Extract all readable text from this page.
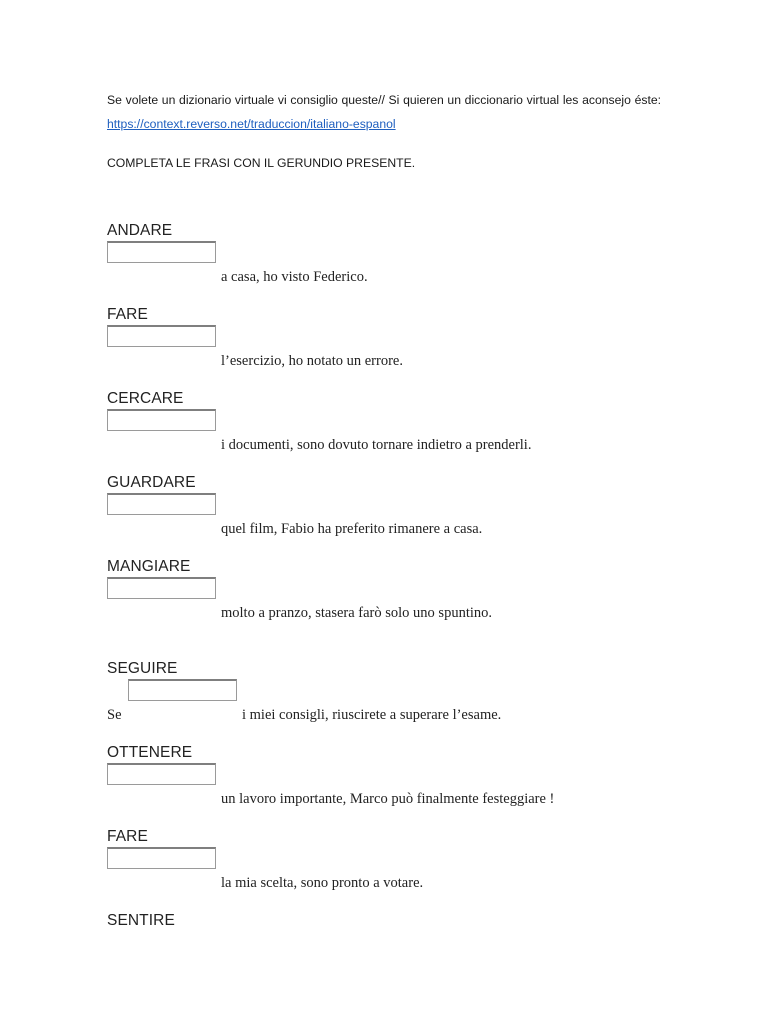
Se volete un dizionario virtuale vi consiglio queste// Si quieren un diccionario virtual les aconsejo éste: https://context.reverso.net/traduccion/italiano-espanol
COMPLETA LE FRASI CON IL GERUNDIO PRESENTE.
ANDARE
a casa, ho visto Federico.
FARE
l’esercizio, ho notato un errore.
CERCARE
i documenti, sono dovuto tornare indietro a prenderli.
GUARDARE
quel film, Fabio ha preferito rimanere a casa.
MANGIARE
molto a pranzo, stasera farò solo uno spuntino.
SEGUIRE
Se	i miei consigli, riuscirete a superare l’esame.
OTTENERE
un lavoro importante, Marco può finalmente festeggiare !
FARE
la mia scelta, sono pronto a votare.
SENTIRE
